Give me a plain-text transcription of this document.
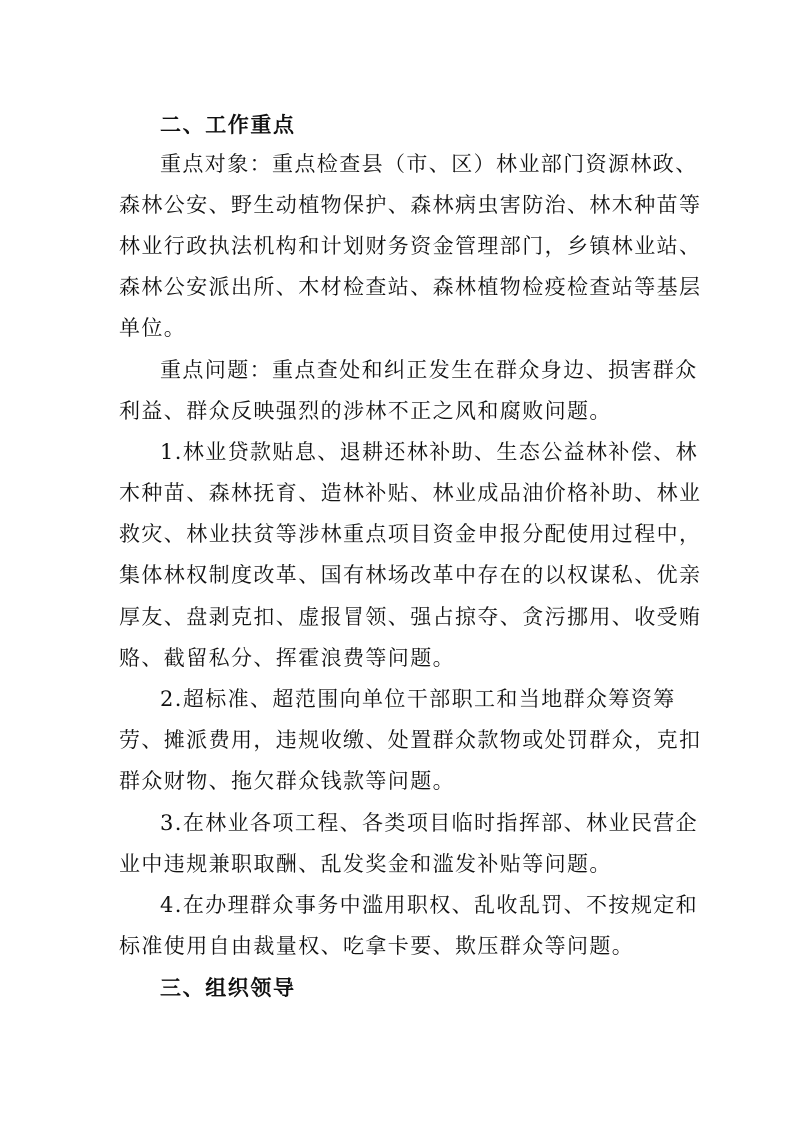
二、工作重点
重点对象：重点检查县（市、区）林业部门资源林政、
森林公安、野生动植物保护、森林病虫害防治、林木种苗等
林业行政执法机构和计划财务资金管理部门，乡镇林业站、
森林公安派出所、木材检查站、森林植物检疫检查站等基层
单位。
重点问题：重点查处和纠正发生在群众身边、损害群众
利益、群众反映强烈的涉林不正之风和腐败问题。
1.林业贷款贴息、退耕还林补助、生态公益林补偿、林
木种苗、森林抚育、造林补贴、林业成品油价格补助、林业
救灾、林业扶贫等涉林重点项目资金申报分配使用过程中，
集体林权制度改革、国有林场改革中存在的以权谋私、优亲
厚友、盘剥克扣、虚报冒领、强占掠夺、贪污挪用、收受贿
赂、截留私分、挥霍浪费等问题。
2.超标准、超范围向单位干部职工和当地群众筹资筹
劳、摊派费用，违规收缴、处置群众款物或处罚群众，克扣
群众财物、拖欠群众钱款等问题。
3.在林业各项工程、各类项目临时指挥部、林业民营企
业中违规兼职取酬、乱发奖金和滥发补贴等问题。
4.在办理群众事务中滥用职权、乱收乱罚、不按规定和
标准使用自由裁量权、吃拿卡要、欺压群众等问题。
三、组织领导
